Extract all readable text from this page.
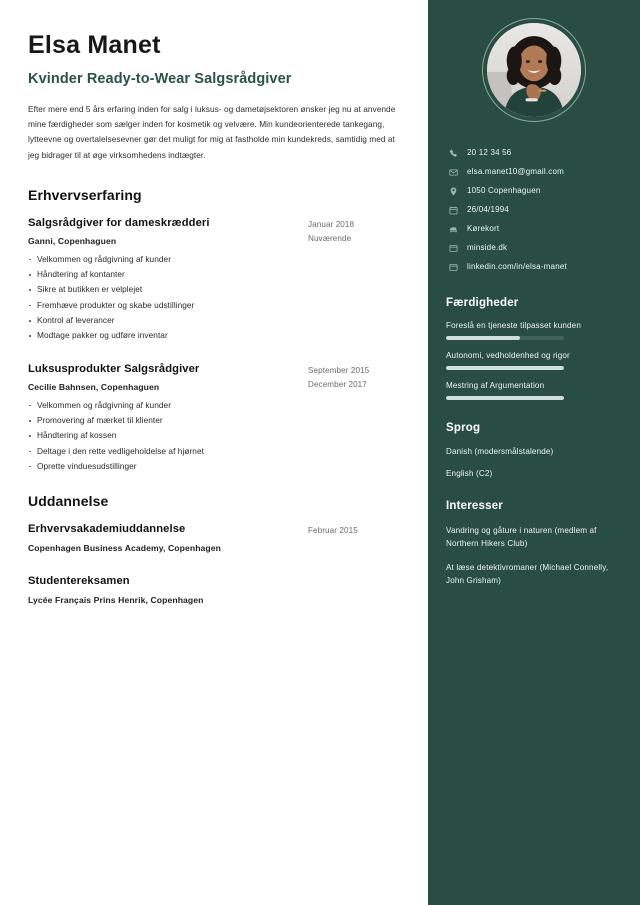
Elsa Manet
Kvinder Ready-to-Wear Salgsrådgiver
Efter mere end 5 års erfaring inden for salg i luksus- og dametøjsektoren ønsker jeg nu at anvende mine færdigheder som sælger inden for kosmetik og velvære. Min kundeorienterede tankegang, lytteevne og overtalelsesevner gør det muligt for mig at fastholde min kundekreds, samtidig med at jeg bidrager til at øge virksomhedens indtægter.
Erhvervserfaring
Salgsrådgiver for dameskrædderi
Ganni, Copenhaguen
Velkommen og rådgivning af kunder
Håndtering af kontanter
Sikre at butikken er velplejet
Fremhæve produkter og skabe udstillinger
Kontrol af leverancer
Modtage pakker og udføre inventar
Januar 2018
Nuværende
Luksusprodukter Salgsrådgiver
Cecilie Bahnsen, Copenhaguen
Velkommen og rådgivning af kunder
Promovering af mærket til klienter
Håndtering af kossen
Deltage i den rette vedligeholdelse af hjørnet
Oprette vinduesudstillinger
September 2015
December 2017
Uddannelse
Erhvervsakademiuddannelse
Copenhagen Business Academy, Copenhagen
Februar 2015
Studentereksamen
Lycée Français Prins Henrik, Copenhagen
20 12 34 56
elsa.manet10@gmail.com
1050 Copenhaguen
26/04/1994
Kørekort
minside.dk
linkedin.com/in/elsa-manet
Færdigheder
Foreslå en tjeneste tilpasset kunden
Autonomi, vedholdenhed og rigor
Mestring af Argumentation
Sprog
Danish (modersmålstalende)
English (C2)
Interesser
Vandring og gåture i naturen (medlem af Northern Hikers Club)
At læse detektivromaner (Michael Connelly, John Grisham)
